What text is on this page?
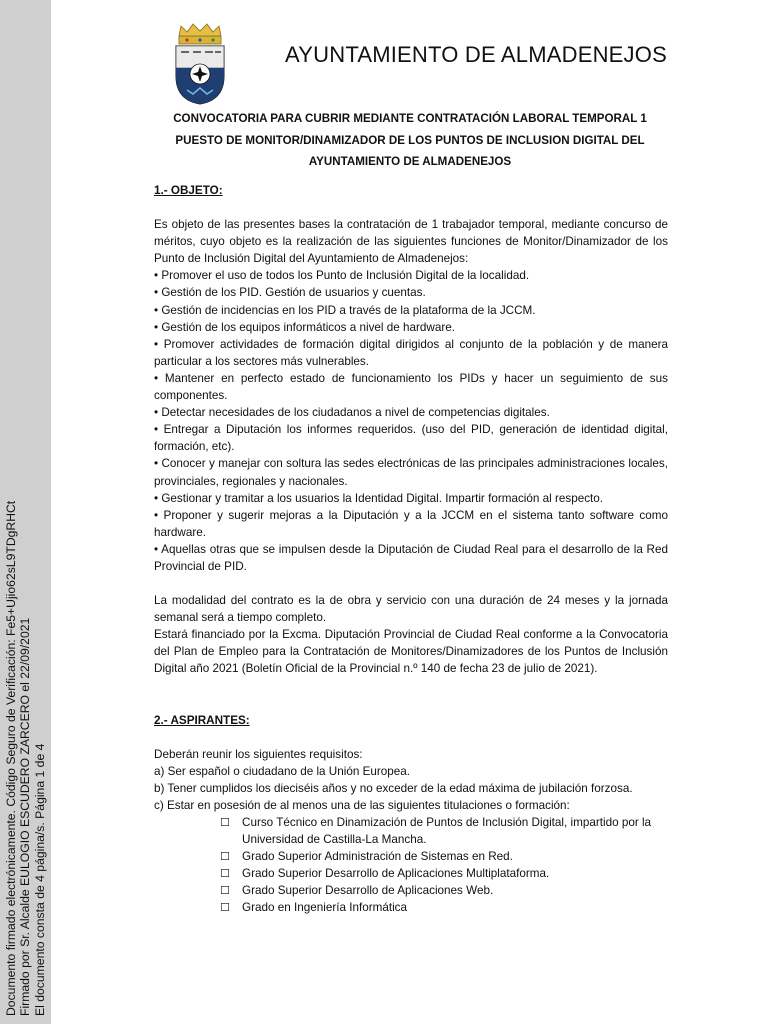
Documento firmado electrónicamente. Código Seguro de Verificación: Fe5+Ujio62sL9TDgRHCt Firmado por Sr. Alcalde EULOGIO ESCUDERO ZARCERO el 22/09/2021 El documento consta de 4 página/s. Página 1 de 4
AYUNTAMIENTO DE ALMADENEJOS
CONVOCATORIA PARA CUBRIR MEDIANTE CONTRATACIÓN LABORAL TEMPORAL 1
PUESTO DE MONITOR/DINAMIZADOR DE LOS PUNTOS DE INCLUSION DIGITAL DEL
AYUNTAMIENTO DE ALMADENEJOS

1.- OBJETO:

Es objeto de las presentes bases la contratación de 1 trabajador temporal, mediante concurso de méritos, cuyo objeto es la realización de las siguientes funciones de Monitor/Dinamizador de los Punto de Inclusión Digital del Ayuntamiento de Almadenejos:

• Promover el uso de todos los Punto de Inclusión Digital de la localidad.

• Gestión de los PID. Gestión de usuarios y cuentas.

• Gestión de incidencias en los PID a través de la plataforma de la JCCM.

• Gestión de los equipos informáticos a nivel de hardware.

• Promover actividades de formación digital dirigidos al conjunto de la población y de manera particular a los sectores más vulnerables.

• Mantener en perfecto estado de funcionamiento los PIDs y hacer un seguimiento de sus componentes.

• Detectar necesidades de los ciudadanos a nivel de competencias digitales.

• Entregar a Diputación los informes requeridos. (uso del PID, generación de identidad digital, formación, etc).

• Conocer y manejar con soltura las sedes electrónicas de las principales administraciones locales, provinciales, regionales y nacionales.

• Gestionar y tramitar a los usuarios la Identidad Digital. Impartir formación al respecto.

• Proponer y sugerir mejoras a la Diputación y a la JCCM en el sistema tanto software como hardware.

• Aquellas otras que se impulsen desde la Diputación de Ciudad Real para el desarrollo de la Red Provincial de PID.

La modalidad del contrato es la de obra y servicio con una duración de 24 meses y la jornada semanal será a tiempo completo.

Estará financiado por la Excma. Diputación Provincial de Ciudad Real conforme a la Convocatoria del Plan de Empleo para la Contratación de Monitores/Dinamizadores de los Puntos de Inclusión Digital año 2021 (Boletín Oficial de la Provincial n.º 140 de fecha 23 de julio de 2021).

2.- ASPIRANTES:

Deberán reunir los siguientes requisitos:

a) Ser español o ciudadano de la Unión Europea.

b) Tener cumplidos los dieciséis años y no exceder de la edad máxima de jubilación forzosa.

c) Estar en posesión de al menos una de las siguientes titulaciones o formación:

☐ Curso Técnico en Dinamización de Puntos de Inclusión Digital, impartido por la Universidad de Castilla-La Mancha.
☐ Grado Superior Administración de Sistemas en Red.
☐ Grado Superior Desarrollo de Aplicaciones Multiplataforma.
☐ Grado Superior Desarrollo de Aplicaciones Web.
☐ Grado en Ingeniería Informática
